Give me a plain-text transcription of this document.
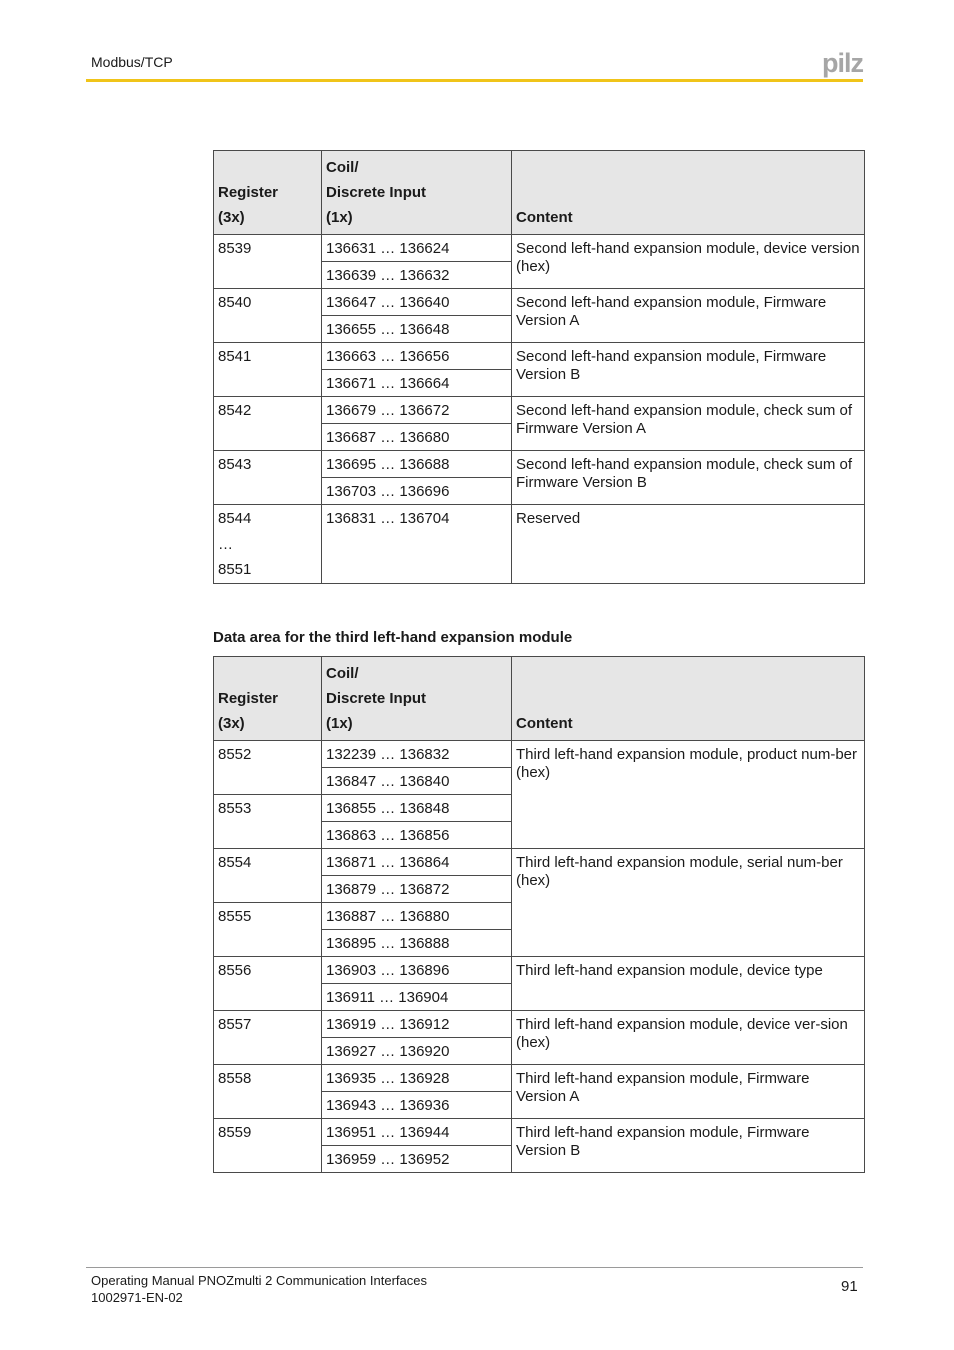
Modbus/TCP	pilz
Register
(3x)	Coil/
Discrete Input
(1x)	Content
8539	136631 … 136624	Second left-hand expansion module, device version (hex)
	136639 … 136632	
8540	136647 … 136640	Second left-hand expansion module, Firmware Version A
	136655 … 136648	
8541	136663 … 136656	Second left-hand expansion module, Firmware Version B
	136671 … 136664	
8542	136679 … 136672	Second left-hand expansion module, check sum of Firmware Version A
	136687 … 136680	
8543	136695 … 136688	Second left-hand expansion module, check sum of Firmware Version B
	136703 … 136696	

8544
…
8551	136831 … 136704	Reserved
Data area for the third left-hand expansion module
Register
(3x)	Coil/
Discrete Input
(1x)	Content
8552	132239 … 136832	Third left-hand expansion module, product num-ber (hex)
	136847 … 136840	
8553	136855 … 136848	
	136863 … 136856	
8554	136871 … 136864	Third left-hand expansion module, serial num-ber (hex)
	136879 … 136872	
8555	136887 … 136880	
	136895 … 136888	
8556	136903 … 136896	Third left-hand expansion module, device type
	136911 … 136904	
8557	136919 … 136912	Third left-hand expansion module, device ver-sion (hex)
	136927 … 136920	
8558	136935 … 136928	Third left-hand expansion module, Firmware Version A
	136943 … 136936	
8559	136951 … 136944	Third left-hand expansion module, Firmware Version B
	136959 … 136952	
Operating Manual PNOZmulti 2 Communication Interfaces
1002971-EN-02
91
